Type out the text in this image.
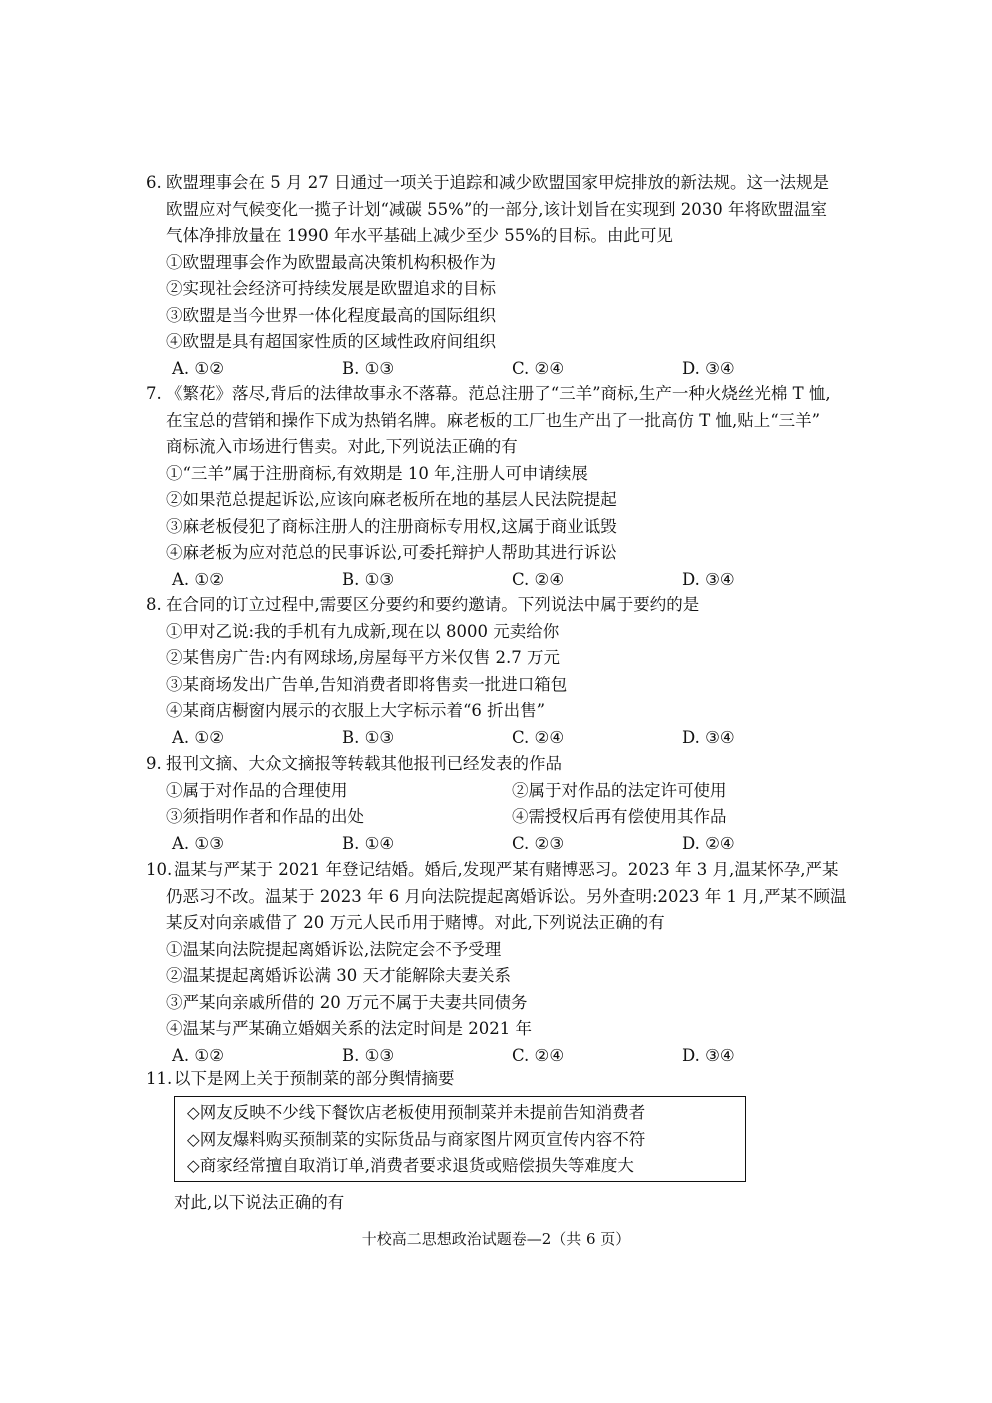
6. 欧盟理事会在 5 月 27 日通过一项关于追踪和减少欧盟国家甲烷排放的新法规。这一法规是
欧盟应对气候变化一揽子计划“减碳 55%”的一部分,该计划旨在实现到 2030 年将欧盟温室
气体净排放量在 1990 年水平基础上减少至少 55%的目标。由此可见
①欧盟理事会作为欧盟最高决策机构积极作为
②实现社会经济可持续发展是欧盟追求的目标
③欧盟是当今世界一体化程度最高的国际组织
④欧盟是具有超国家性质的区域性政府间组织
A. ①②	B. ①③	C. ②④	D. ③④
7. 《繁花》落尽,背后的法律故事永不落幕。范总注册了“三羊”商标,生产一种火烧丝光棉 T 恤,
在宝总的营销和操作下成为热销名牌。麻老板的工厂也生产出了一批高仿 T 恤,贴上“三羊”
商标流入市场进行售卖。对此,下列说法正确的有
①“三羊”属于注册商标,有效期是 10 年,注册人可申请续展
②如果范总提起诉讼,应该向麻老板所在地的基层人民法院提起
③麻老板侵犯了商标注册人的注册商标专用权,这属于商业诋毁
④麻老板为应对范总的民事诉讼,可委托辩护人帮助其进行诉讼
A. ①②	B. ①③	C. ②④	D. ③④
8. 在合同的订立过程中,需要区分要约和要约邀请。下列说法中属于要约的是
①甲对乙说:我的手机有九成新,现在以 8000 元卖给你
②某售房广告:内有网球场,房屋每平方米仅售 2.7 万元
③某商场发出广告单,告知消费者即将售卖一批进口箱包
④某商店橱窗内展示的衣服上大字标示着“6 折出售”
A. ①②	B. ①③	C. ②④	D. ③④
9. 报刊文摘、大众文摘报等转载其他报刊已经发表的作品
①属于对作品的合理使用	②属于对作品的法定许可使用
③须指明作者和作品的出处	④需授权后再有偿使用其作品
A. ①③	B. ①④	C. ②③	D. ②④
10. 温某与严某于 2021 年登记结婚。婚后,发现严某有赌博恶习。2023 年 3 月,温某怀孕,严某
仍恶习不改。温某于 2023 年 6 月向法院提起离婚诉讼。另外查明:2023 年 1 月,严某不顾温
某反对向亲戚借了 20 万元人民币用于赌博。对此,下列说法正确的有
①温某向法院提起离婚诉讼,法院定会不予受理
②温某提起离婚诉讼满 30 天才能解除夫妻关系
③严某向亲戚所借的 20 万元不属于夫妻共同债务
④温某与严某确立婚姻关系的法定时间是 2021 年
A. ①②	B. ①③	C. ②④	D. ③④
11. 以下是网上关于预制菜的部分舆情摘要
◇网友反映不少线下餐饮店老板使用预制菜并未提前告知消费者
◇网友爆料购买预制菜的实际货品与商家图片网页宣传内容不符
◇商家经常擅自取消订单,消费者要求退货或赔偿损失等难度大
对此,以下说法正确的有
十校高二思想政治试题卷—2（共 6 页）
